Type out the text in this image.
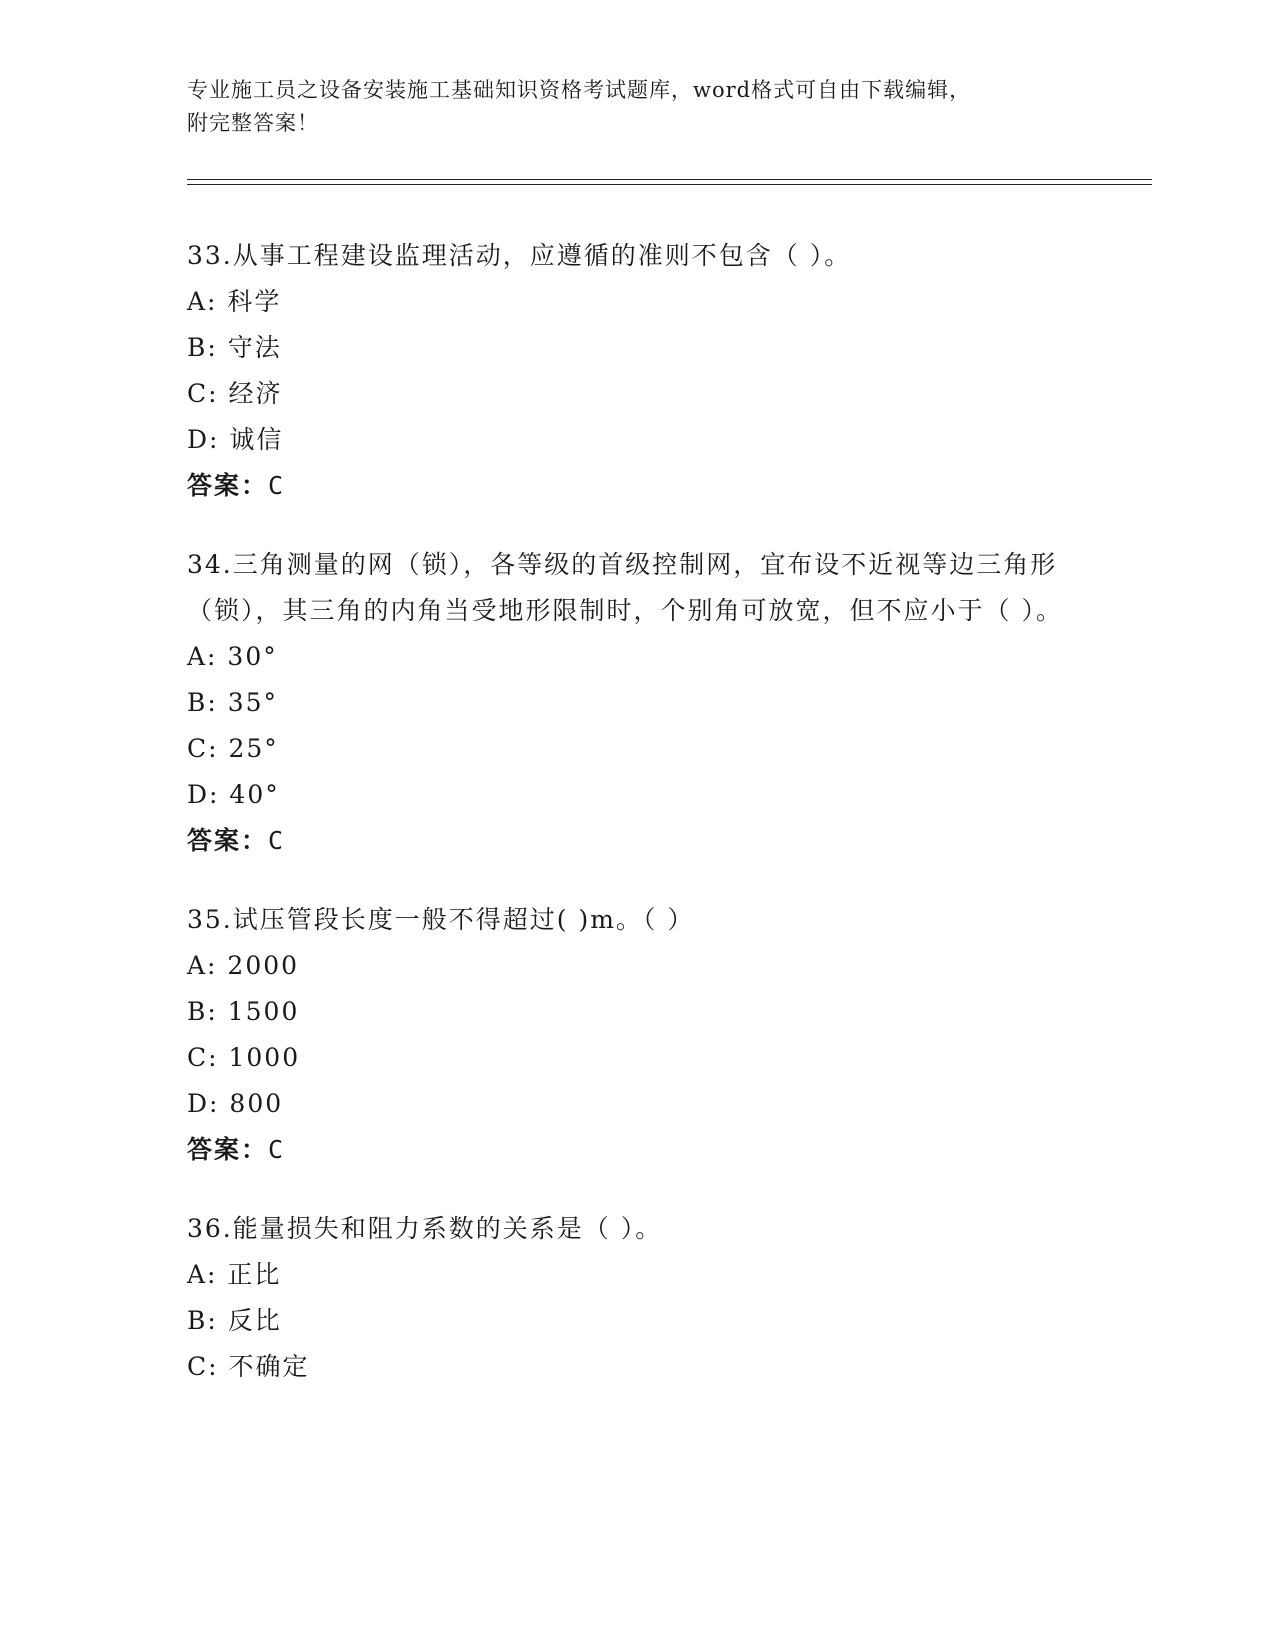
专业施工员之设备安装施工基础知识资格考试题库，word格式可自由下载编辑，
附完整答案！
33.从事工程建设监理活动，应遵循的准则不包含（ ）。
A: 科学
B: 守法
C: 经济
D: 诚信
答案：C
34.三角测量的网（锁），各等级的首级控制网，宜布设不近视等边三角形（锁），其三角的内角当受地形限制时，个别角可放宽，但不应小于（ ）。
A: 30°
B: 35°
C: 25°
D: 40°
答案：C
35.试压管段长度一般不得超过( )m。（ ）
A: 2000
B: 1500
C: 1000
D: 800
答案：C
36.能量损失和阻力系数的关系是（ ）。
A: 正比
B: 反比
C: 不确定
